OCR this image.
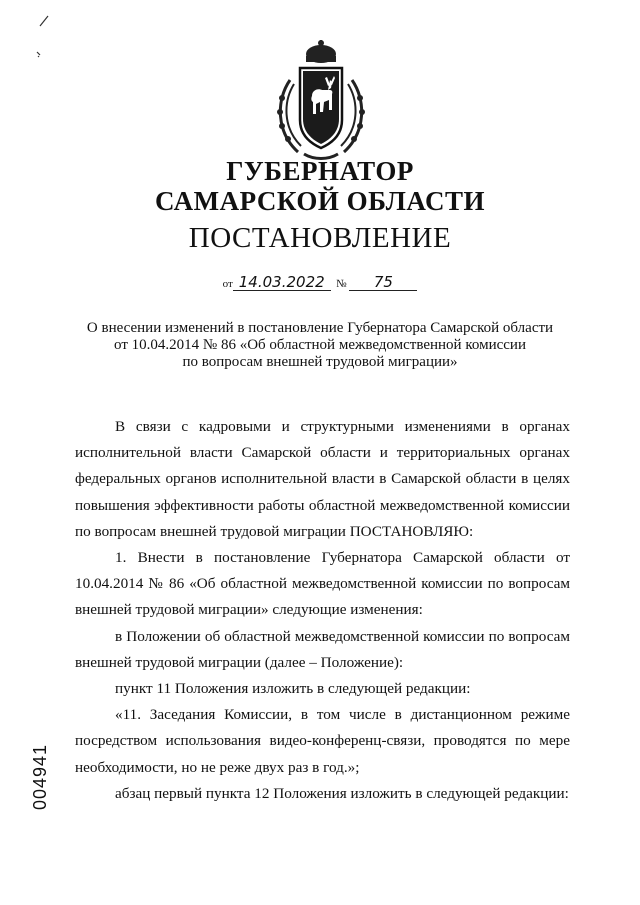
ГУБЕРНАТОР
САМАРСКОЙ ОБЛАСТИ
ПОСТАНОВЛЕНИЕ
от 14.03.2022 № 75
О внесении изменений в постановление Губернатора Самарской области
от 10.04.2014 № 86 «Об областной межведомственной комиссии
по вопросам внешней трудовой миграции»

В связи с кадровыми и структурными изменениями в органах исполнительной власти Самарской области и территориальных органах федеральных органов исполнительной власти в Самарской области в целях повышения эффективности работы областной межведомственной комиссии по вопросам внешней трудовой миграции ПОСТАНОВЛЯЮ:

1. Внести в постановление Губернатора Самарской области от 10.04.2014 № 86 «Об областной межведомственной комиссии по вопросам внешней трудовой миграции» следующие изменения:

в Положении об областной межведомственной комиссии по вопросам внешней трудовой миграции (далее – Положение):

пункт 11 Положения изложить в следующей редакции:

«11. Заседания Комиссии, в том числе в дистанционном режиме посредством использования видео-конференц-связи, проводятся по мере необходимости, но не реже двух раз в год.»;

абзац первый пункта 12 Положения изложить в следующей редакции:

004941
